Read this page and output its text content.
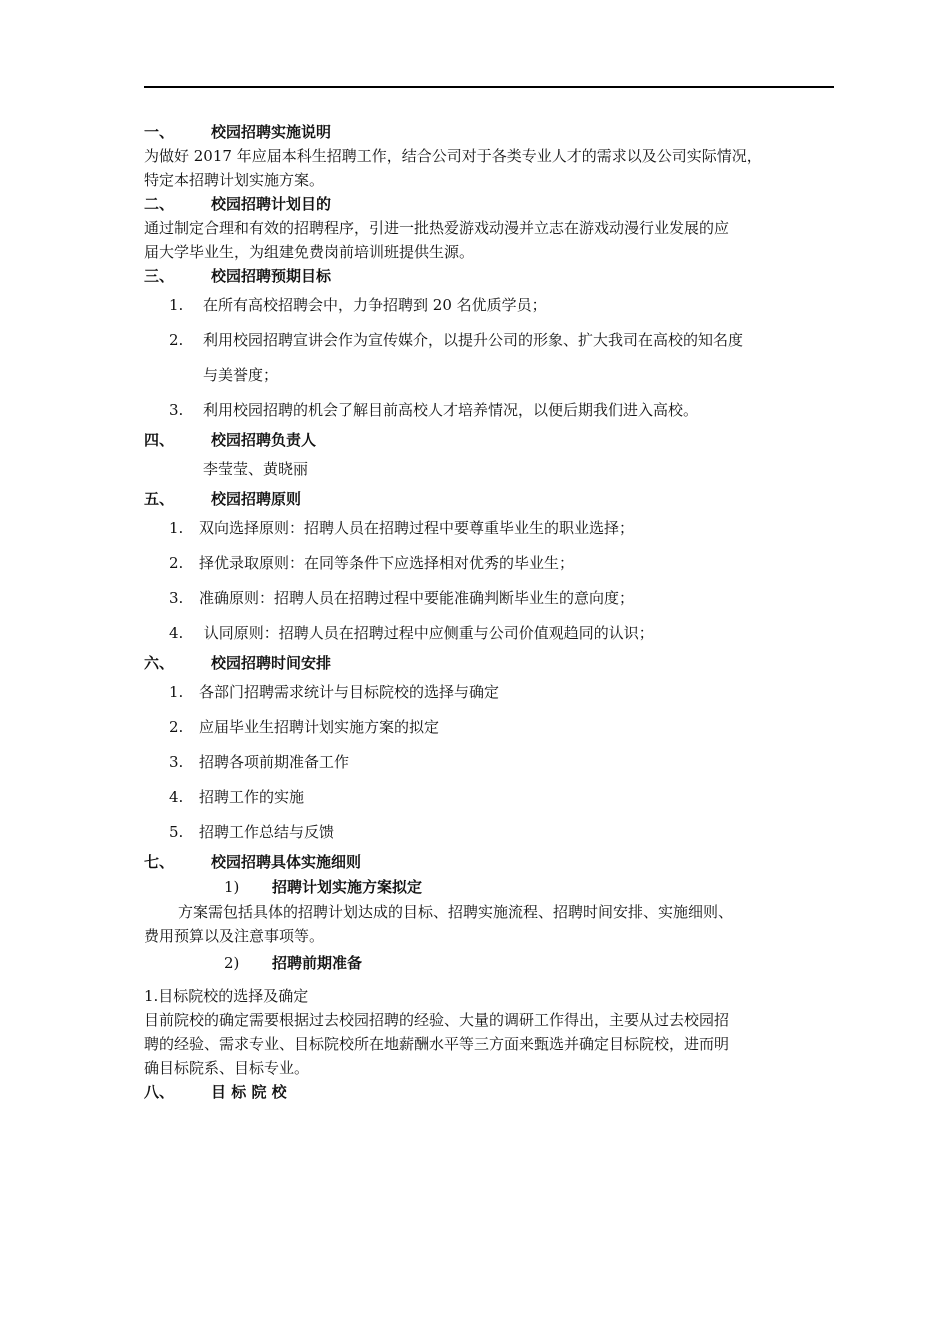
一、 校园招聘实施说明

为做好 2017 年应届本科生招聘工作，结合公司对于各类专业人才的需求以及公司实际情况，

特定本招聘计划实施方案。

二、 校园招聘计划目的

通过制定合理和有效的招聘程序，引进一批热爱游戏动漫并立志在游戏动漫行业发展的应

届大学毕业生，为组建免费岗前培训班提供生源。

三、 校园招聘预期目标
1. 在所有高校招聘会中，力争招聘到 20 名优质学员；
2. 利用校园招聘宣讲会作为宣传媒介，以提升公司的形象、扩大我司在高校的知名度
与美誉度；
3. 利用校园招聘的机会了解目前高校人才培养情况，以便后期我们进入高校。
四、 校园招聘负责人
李莹莹、黄晓丽
五、 校园招聘原则
1. 双向选择原则：招聘人员在招聘过程中要尊重毕业生的职业选择；
2. 择优录取原则：在同等条件下应选择相对优秀的毕业生；
3. 准确原则：招聘人员在招聘过程中要能准确判断毕业生的意向度；
4. 认同原则：招聘人员在招聘过程中应侧重与公司价值观趋同的认识；
六、 校园招聘时间安排
1. 各部门招聘需求统计与目标院校的选择与确定
2. 应届毕业生招聘计划实施方案的拟定
3. 招聘各项前期准备工作
4. 招聘工作的实施
5. 招聘工作总结与反馈
七、 校园招聘具体实施细则
1) 招聘计划实施方案拟定

方案需包括具体的招聘计划达成的目标、招聘实施流程、招聘时间安排、实施细则、

费用预算以及注意事项等。

2) 招聘前期准备
1.目标院校的选择及确定

目前院校的确定需要根据过去校园招聘的经验、大量的调研工作得出，主要从过去校园招

聘的经验、需求专业、目标院校所在地薪酬水平等三方面来甄选并确定目标院校，进而明

确目标院系、目标专业。

八、 目 标 院 校
